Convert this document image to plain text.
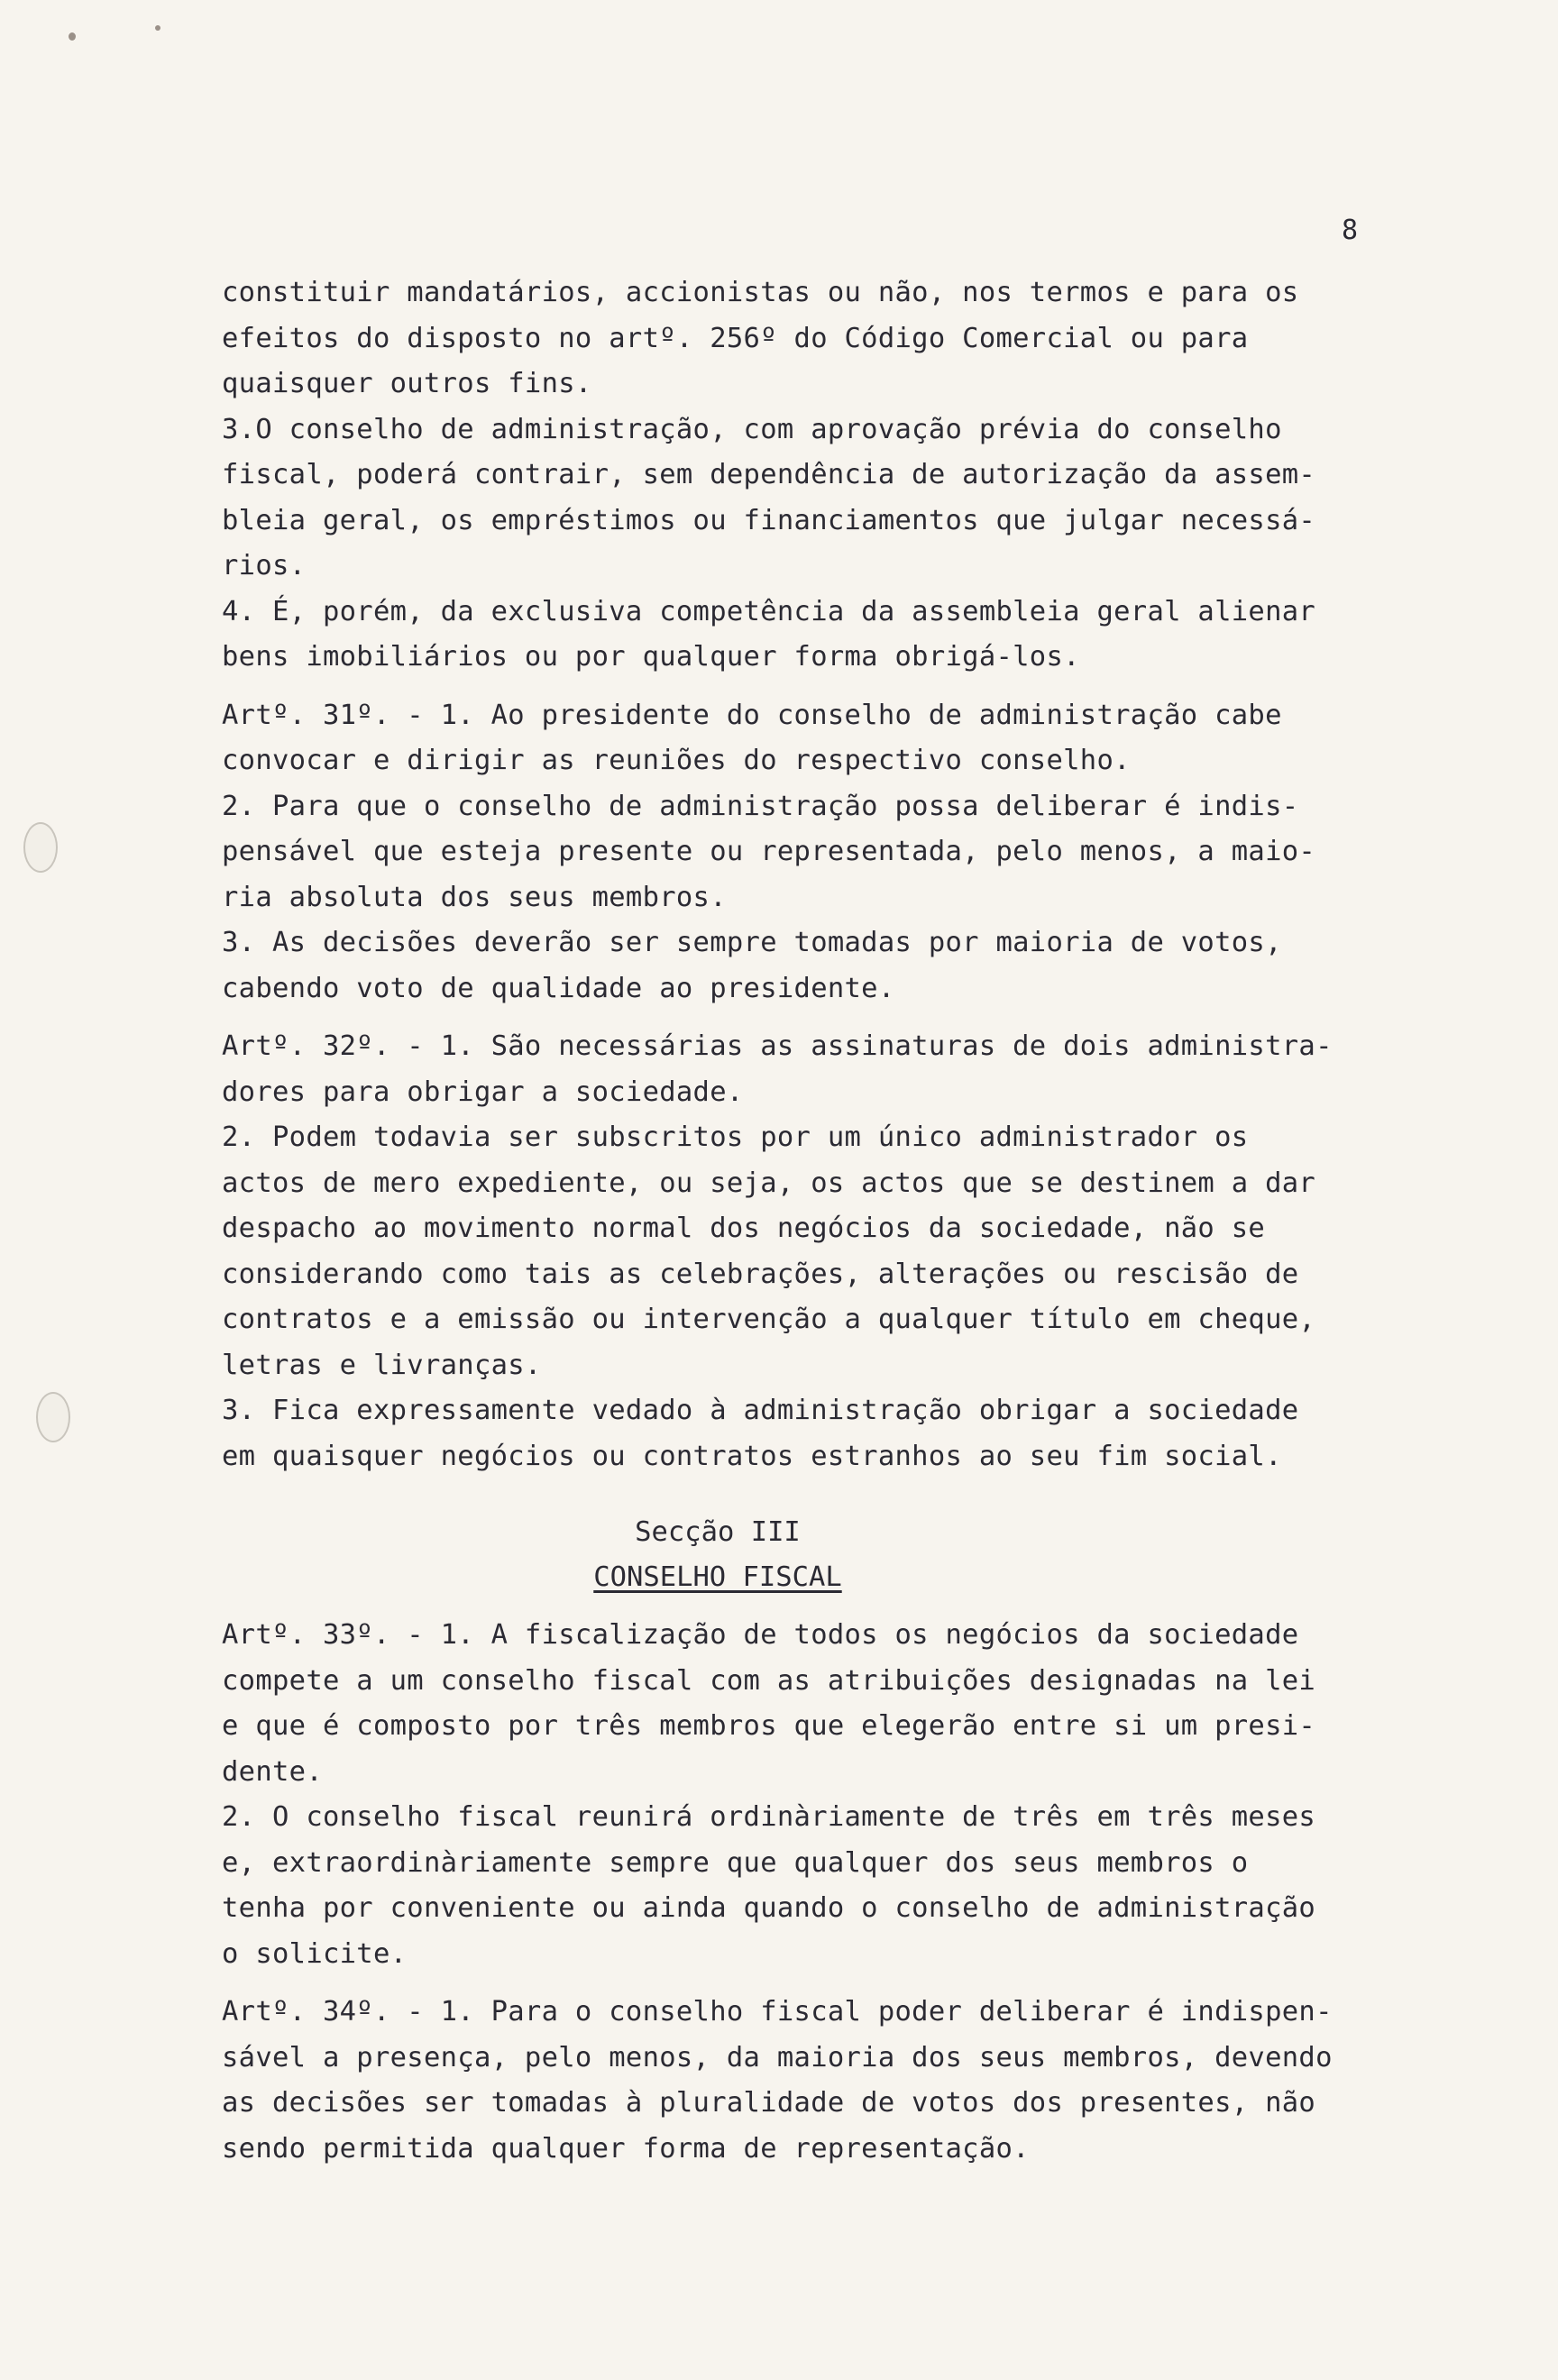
8
constituir mandatários, accionistas ou não, nos termos e para os
efeitos do disposto no artº. 256º do Código Comercial ou para
quaisquer outros fins.
3.O conselho de administração, com aprovação prévia do conselho
fiscal, poderá contrair, sem dependência de autorização da assem-
bleia geral, os empréstimos ou financiamentos que julgar necessá-
rios.
4. É, porém, da exclusiva competência da assembleia geral alienar
bens imobiliários ou por qualquer forma obrigá-los.
Artº. 31º. - 1. Ao presidente do conselho de administração cabe
convocar e dirigir as reuniões do respectivo conselho.
2. Para que o conselho de administração possa deliberar é indis-
pensável que esteja presente ou representada, pelo menos, a maio-
ria absoluta dos seus membros.
3. As decisões deverão ser sempre tomadas por maioria de votos,
cabendo voto de qualidade ao presidente.
Artº. 32º. - 1. São necessárias as assinaturas de dois administra-
dores para obrigar a sociedade.
2. Podem todavia ser subscritos por um único administrador os
actos de mero expediente, ou seja, os actos que se destinem a dar
despacho ao movimento normal dos negócios da sociedade, não se
considerando como tais as celebrações, alterações ou rescisão de
contratos e a emissão ou intervenção a qualquer título em cheque,
letras e livranças.
3. Fica expressamente vedado à administração obrigar a sociedade
em quaisquer negócios ou contratos estranhos ao seu fim social.
Secção III
CONSELHO FISCAL
Artº. 33º. - 1. A fiscalização de todos os negócios da sociedade
compete a um conselho fiscal com as atribuições designadas na lei
e que é composto por três membros que elegerão entre si um presi-
dente.
2. O conselho fiscal reunirá ordinàriamente de três em três meses
e, extraordinàriamente sempre que qualquer dos seus membros o
tenha por conveniente ou ainda quando o conselho de administração
o solicite.
Artº. 34º. - 1. Para o conselho fiscal poder deliberar é indispen-
sável a presença, pelo menos, da maioria dos seus membros, devendo
as decisões ser tomadas à pluralidade de votos dos presentes, não
sendo permitida qualquer forma de representação.
